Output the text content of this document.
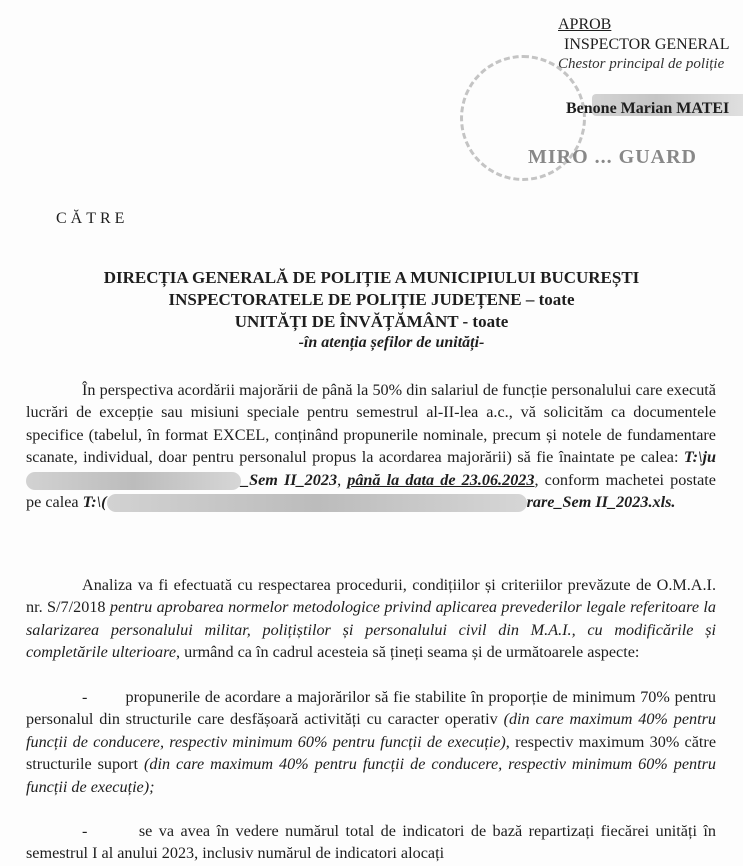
APROB
INSPECTOR GENERAL
Chestor principal de poliție
Benone Marian MATEI
MIRO ... GUARD
CĂTRE
DIRECȚIA GENERALĂ DE POLIȚIE A MUNICIPIULUI BUCUREȘTI
INSPECTORATELE DE POLIȚIE JUDEȚENE – toate
UNITĂȚI DE ÎNVĂȚĂMÂNT - toate
-în atenția șefilor de unități-
În perspectiva acordării majorării de până la 50% din salariul de funcție personalului care execută lucrări de excepție sau misiuni speciale pentru semestrul al-II-lea a.c., vă solicităm ca documentele specifice (tabelul, în format EXCEL, conținând propunerile nominale, precum și notele de fundamentare scanate, individual, doar pentru personalul propus la acordarea majorării) să fie înaintate pe calea: T:\ju_Sem II_2023, până la data de 23.06.2023, conform machetei postate pe calea T:\(	rare_Sem II_2023.xls.
Analiza va fi efectuată cu respectarea procedurii, condițiilor și criteriilor prevăzute de O.M.A.I. nr. S/7/2018 pentru aprobarea normelor metodologice privind aplicarea prevederilor legale referitoare la salarizarea personalului militar, polițiștilor și personalului civil din M.A.I., cu modificările și completările ulterioare, urmând ca în cadrul acesteia să țineți seama și de următoarele aspecte:
- propunerile de acordare a majorărilor să fie stabilite în proporție de minimum 70% pentru personalul din structurile care desfășoară activități cu caracter operativ (din care maximum 40% pentru funcții de conducere, respectiv minimum 60% pentru funcții de execuție), respectiv maximum 30% către structurile suport (din care maximum 40% pentru funcții de conducere, respectiv minimum 60% pentru funcții de execuție);
-	se va avea în vedere numărul total de indicatori de bază repartizați fiecărei unități în semestrul I al anului 2023, inclusiv numărul de indicatori alocați
